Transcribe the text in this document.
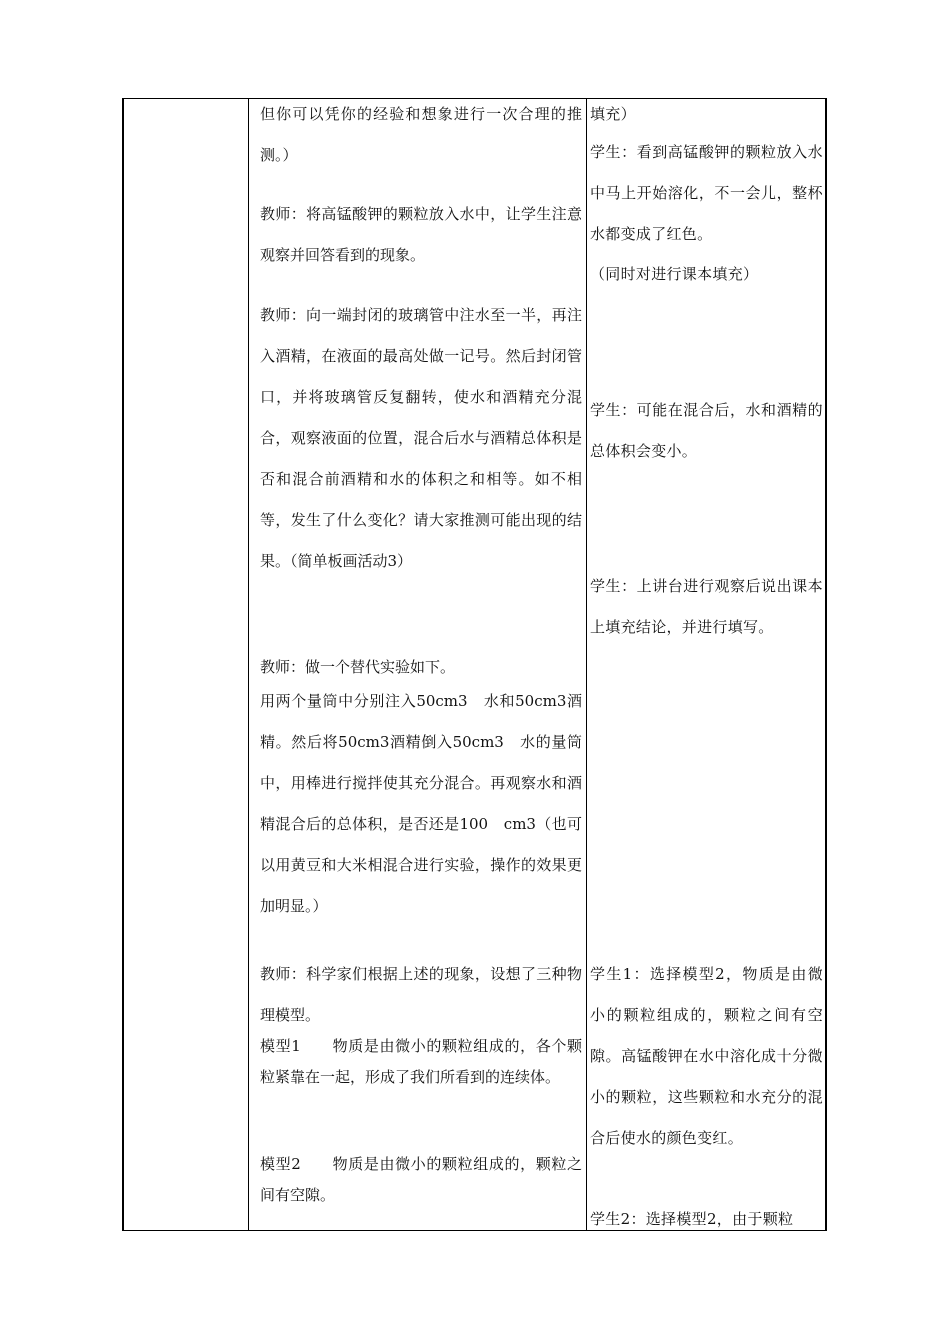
但你可以凭你的经验和想象进行一次合理的推测。）

教师：将高锰酸钾的颗粒放入水中，让学生注意观察并回答看到的现象。

教师：向一端封闭的玻璃管中注水至一半，再注入酒精，在液面的最高处做一记号。然后封闭管口，并将玻璃管反复翻转，使水和酒精充分混合，观察液面的位置，混合后水与酒精总体积是否和混合前酒精和水的体积之和相等。如不相等，发生了什么变化？请大家推测可能出现的结果。（简单板画活动3）

教师：做一个替代实验如下。

用两个量筒中分别注入50cm3　水和50cm3酒精。然后将50cm3酒精倒入50cm3　水的量筒中，用棒进行搅拌使其充分混合。再观察水和酒精混合后的总体积，是否还是100　cm3（也可以用黄豆和大米相混合进行实验，操作的效果更加明显。）

教师：科学家们根据上述的现象，设想了三种物理模型。

模型1　　物质是由微小的颗粒组成的，各个颗粒紧靠在一起，形成了我们所看到的连续体。

模型2　　物质是由微小的颗粒组成的，颗粒之间有空隙。

填充）

学生：看到高锰酸钾的颗粒放入水中马上开始溶化，不一会儿，整杯水都变成了红色。

（同时对进行课本填充）

学生：可能在混合后，水和酒精的总体积会变小。

学生：上讲台进行观察后说出课本上填充结论，并进行填写。

学生1：选择模型2，物质是由微小的颗粒组成的，颗粒之间有空隙。高锰酸钾在水中溶化成十分微小的颗粒，这些颗粒和水充分的混合后使水的颜色变红。

学生2：选择模型2，由于颗粒
